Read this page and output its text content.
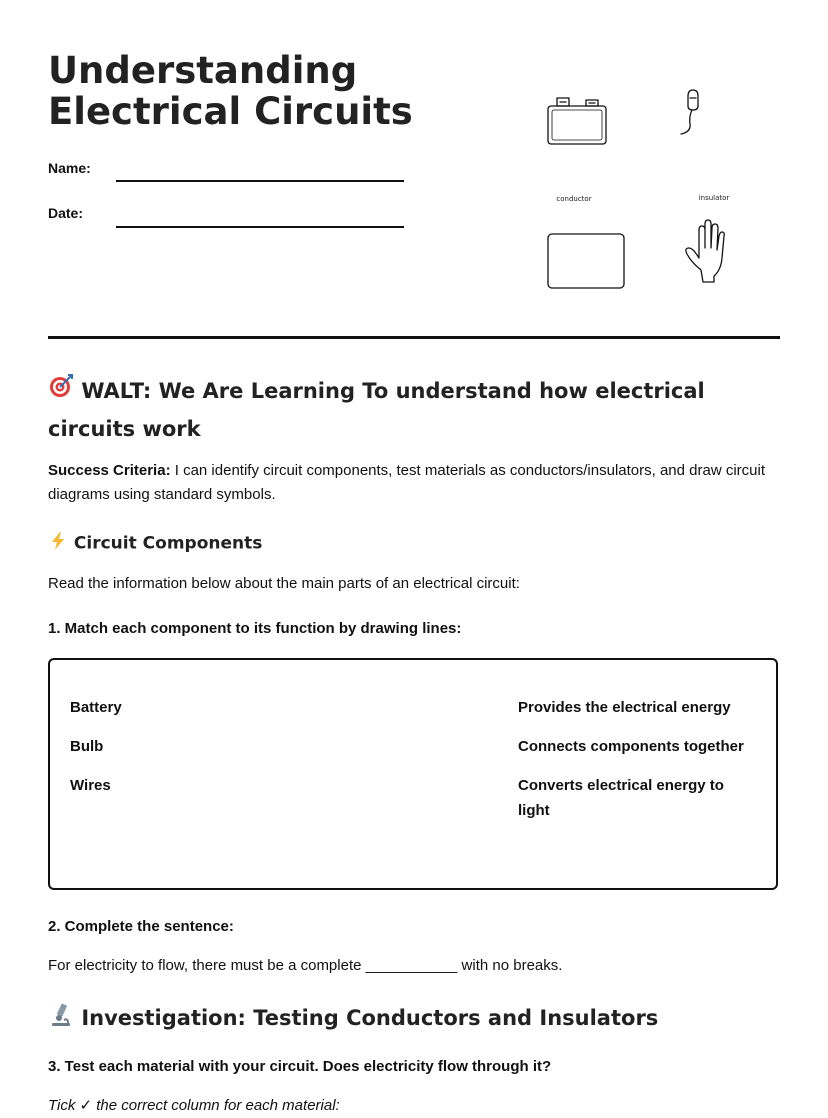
Understanding Electrical Circuits
Name:
Date:
conductor	insulator
WALT: We Are Learning To understand how electrical circuits work

Success Criteria: I can identify circuit components, test materials as conductors/insulators, and draw circuit diagrams using standard symbols.

Circuit Components
Read the information below about the main parts of an electrical circuit:
1. Match each component to its function by drawing lines:
Battery
Bulb
Wires
Provides the electrical energy
Connects components together
Converts electrical energy to light
2. Complete the sentence:
For electricity to flow, there must be a complete ___________ with no breaks.
Investigation: Testing Conductors and Insulators
3. Test each material with your circuit. Does electricity flow through it?
Tick ✓ the correct column for each material:
